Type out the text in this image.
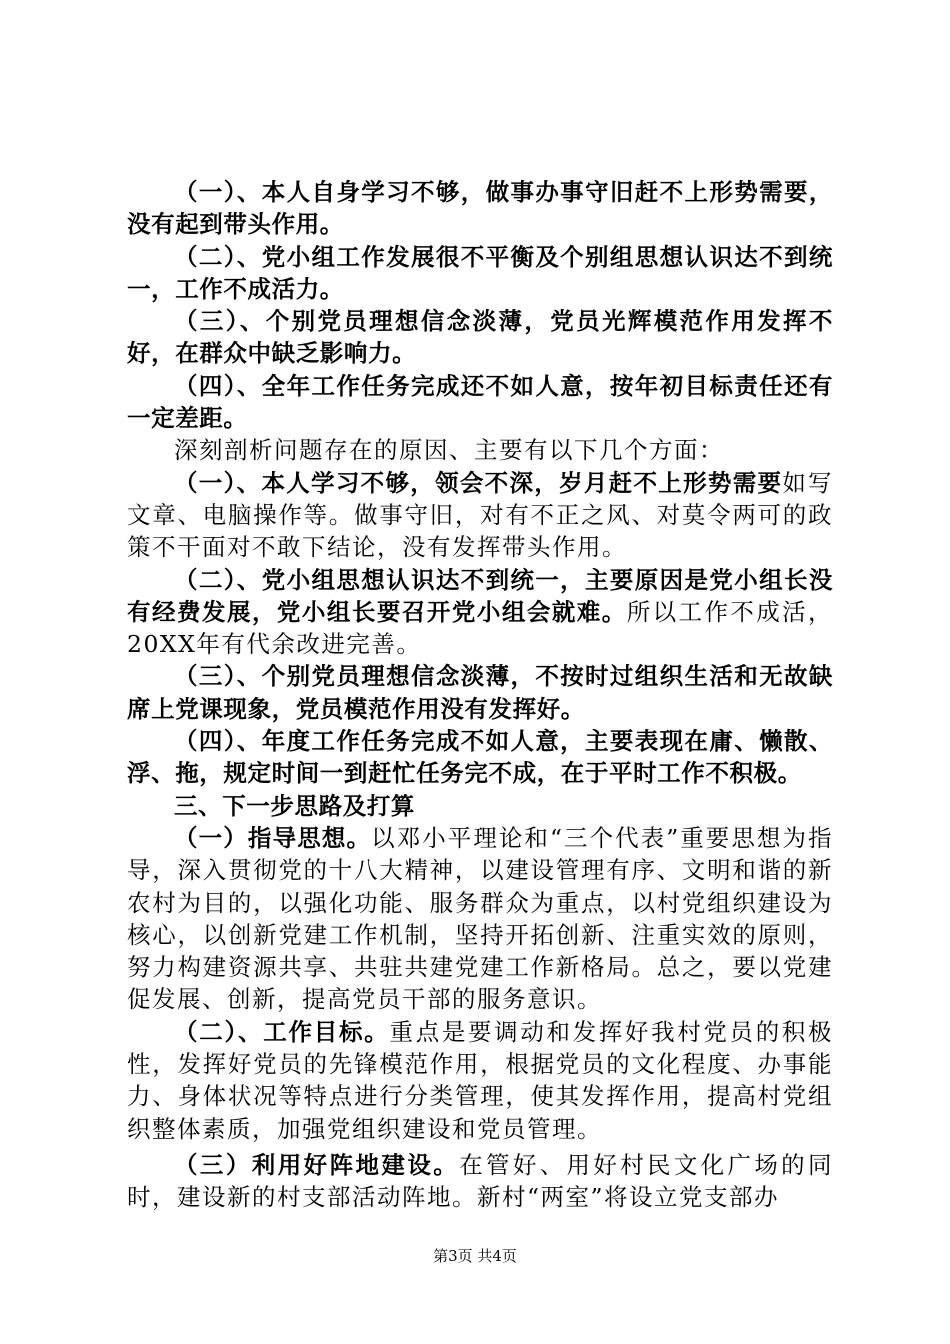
（一）、本人自身学习不够，做事办事守旧赶不上形势需要，没有起到带头作用。

（二）、党小组工作发展很不平衡及个别组思想认识达不到统一，工作不成活力。

（三）、个别党员理想信念淡薄，党员光辉模范作用发挥不好，在群众中缺乏影响力。

（四）、全年工作任务完成还不如人意，按年初目标责任还有一定差距。

深刻剖析问题存在的原因、主要有以下几个方面：

（一）、本人学习不够，领会不深，岁月赶不上形势需要如写文章、电脑操作等。做事守旧，对有不正之风、对莫令两可的政策不干面对不敢下结论，没有发挥带头作用。

（二）、党小组思想认识达不到统一，主要原因是党小组长没有经费发展，党小组长要召开党小组会就难。所以工作不成活，20XX年有代余改进完善。

（三）、个别党员理想信念淡薄，不按时过组织生活和无故缺席上党课现象，党员模范作用没有发挥好。

（四）、年度工作任务完成不如人意，主要表现在庸、懒散、浮、拖，规定时间一到赶忙任务完不成，在于平时工作不积极。

三、下一步思路及打算

（一）指导思想。以邓小平理论和“三个代表”重要思想为指导，深入贯彻党的十八大精神，以建设管理有序、文明和谐的新农村为目的，以强化功能、服务群众为重点，以村党组织建设为核心，以创新党建工作机制，坚持开拓创新、注重实效的原则，努力构建资源共享、共驻共建党建工作新格局。总之，要以党建促发展、创新，提高党员干部的服务意识。

（二）、工作目标。重点是要调动和发挥好我村党员的积极性，发挥好党员的先锋模范作用，根据党员的文化程度、办事能力、身体状况等特点进行分类管理，使其发挥作用，提高村党组织整体素质，加强党组织建设和党员管理。

（三）利用好阵地建设。在管好、用好村民文化广场的同时，建设新的村支部活动阵地。新村“两室”将设立党支部办

第3页 共4页
